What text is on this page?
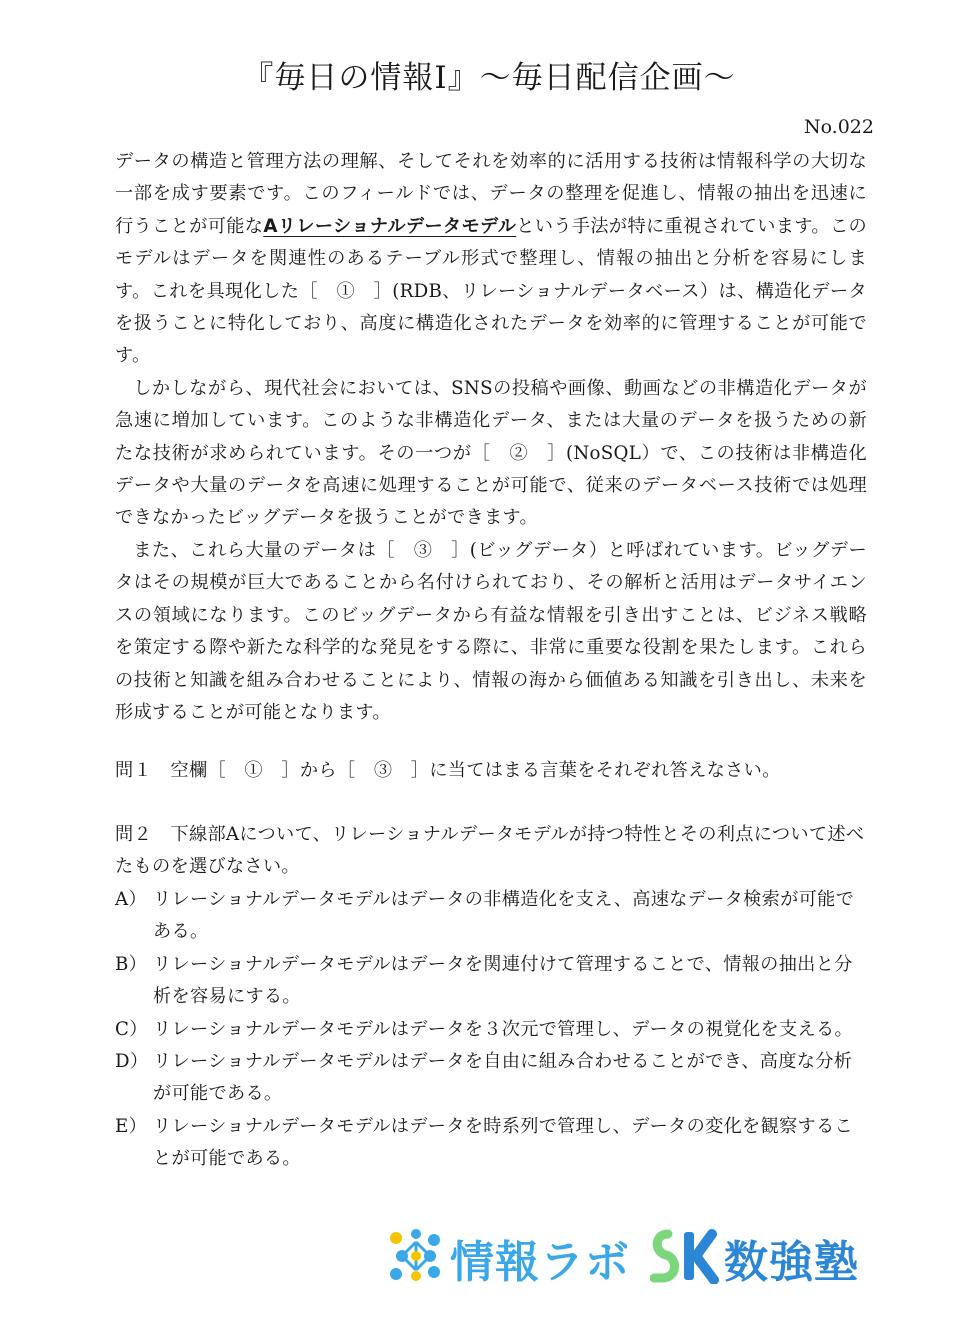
『毎日の情報Ⅰ』〜毎日配信企画〜
No.022

データの構造と管理方法の理解、そしてそれを効率的に活用する技術は情報科学の大切な一部を成す要素です。このフィールドでは、データの整理を促進し、情報の抽出を迅速に行うことが可能なAリレーショナルデータモデルという手法が特に重視されています。このモデルはデータを関連性のあるテーブル形式で整理し、情報の抽出と分析を容易にします。これを具現化した［　①　］(RDB、リレーショナルデータベース）は、構造化データを扱うことに特化しており、高度に構造化されたデータを効率的に管理することが可能です。

しかしながら、現代社会においては、SNSの投稿や画像、動画などの非構造化データが急速に増加しています。このような非構造化データ、または大量のデータを扱うための新たな技術が求められています。その一つが［　②　］(NoSQL）で、この技術は非構造化データや大量のデータを高速に処理することが可能で、従来のデータベース技術では処理できなかったビッグデータを扱うことができます。

また、これら大量のデータは［　③　］(ビッグデータ）と呼ばれています。ビッグデータはその規模が巨大であることから名付けられており、その解析と活用はデータサイエンスの領域になります。このビッグデータから有益な情報を引き出すことは、ビジネス戦略を策定する際や新たな科学的な発見をする際に、非常に重要な役割を果たします。これらの技術と知識を組み合わせることにより、情報の海から価値ある知識を引き出し、未来を形成することが可能となります。

問１　空欄［　①　］から［　③　］に当てはまる言葉をそれぞれ答えなさい。
問２　下線部Aについて、リレーショナルデータモデルが持つ特性とその利点について述べたものを選びなさい。
A） リレーショナルデータモデルはデータの非構造化を支え、高速なデータ検索が可能である。
B） リレーショナルデータモデルはデータを関連付けて管理することで、情報の抽出と分析を容易にする。
C） リレーショナルデータモデルはデータを３次元で管理し、データの視覚化を支える。
D） リレーショナルデータモデルはデータを自由に組み合わせることができ、高度な分析が可能である。
E） リレーショナルデータモデルはデータを時系列で管理し、データの変化を観察することが可能である。
情報ラボ 数強塾
